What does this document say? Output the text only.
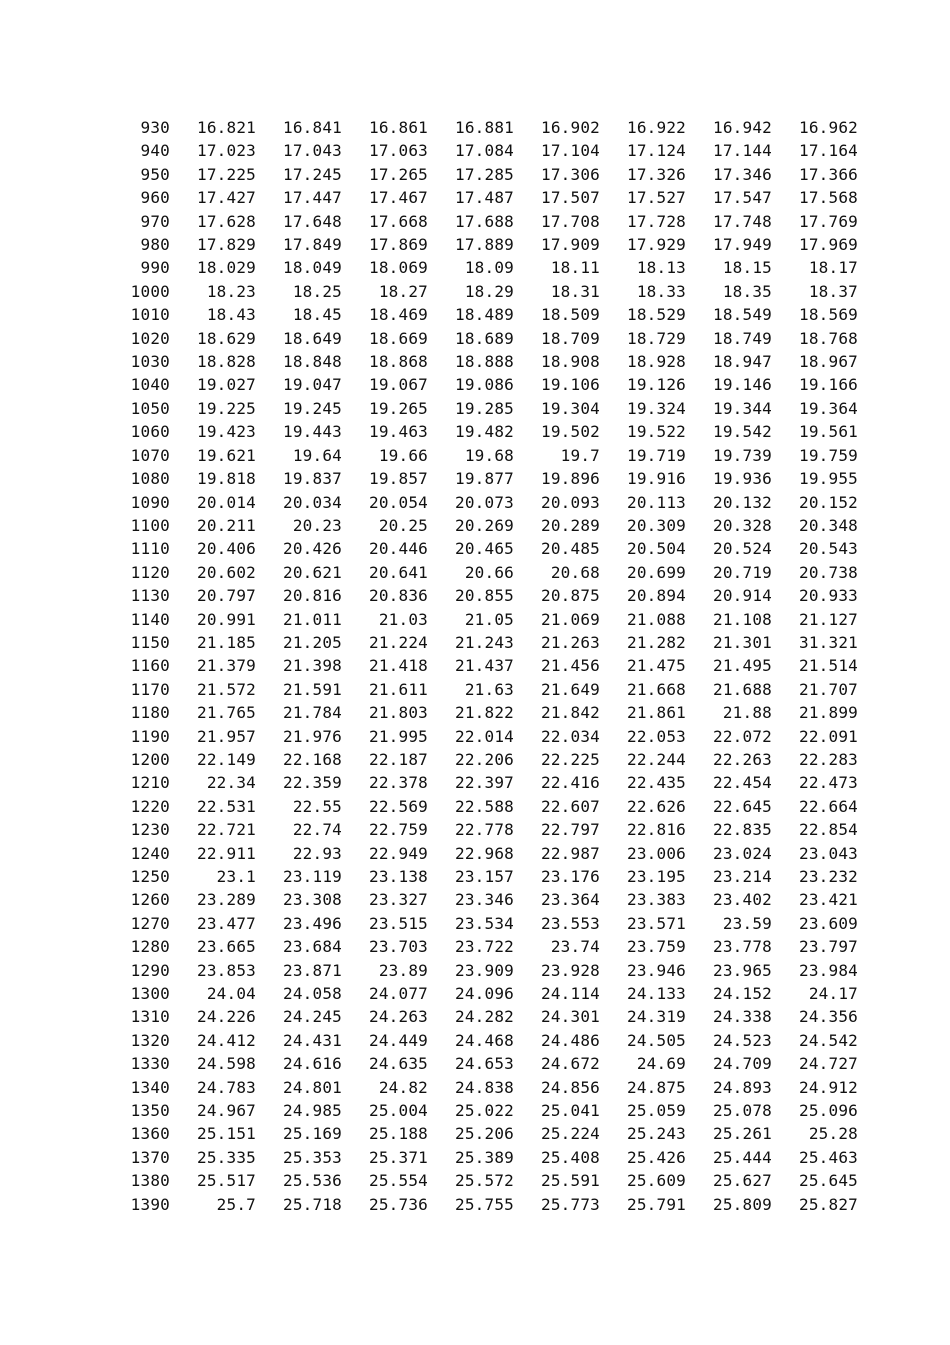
930	16.821	16.841	16.861	16.881	16.902	16.922	16.942	16.962
940	17.023	17.043	17.063	17.084	17.104	17.124	17.144	17.164
950	17.225	17.245	17.265	17.285	17.306	17.326	17.346	17.366
960	17.427	17.447	17.467	17.487	17.507	17.527	17.547	17.568
970	17.628	17.648	17.668	17.688	17.708	17.728	17.748	17.769
980	17.829	17.849	17.869	17.889	17.909	17.929	17.949	17.969
990	18.029	18.049	18.069	18.09	18.11	18.13	18.15	18.17
1000	18.23	18.25	18.27	18.29	18.31	18.33	18.35	18.37
1010	18.43	18.45	18.469	18.489	18.509	18.529	18.549	18.569
1020	18.629	18.649	18.669	18.689	18.709	18.729	18.749	18.768
1030	18.828	18.848	18.868	18.888	18.908	18.928	18.947	18.967
1040	19.027	19.047	19.067	19.086	19.106	19.126	19.146	19.166
1050	19.225	19.245	19.265	19.285	19.304	19.324	19.344	19.364
1060	19.423	19.443	19.463	19.482	19.502	19.522	19.542	19.561
1070	19.621	19.64	19.66	19.68	19.7	19.719	19.739	19.759
1080	19.818	19.837	19.857	19.877	19.896	19.916	19.936	19.955
1090	20.014	20.034	20.054	20.073	20.093	20.113	20.132	20.152
1100	20.211	20.23	20.25	20.269	20.289	20.309	20.328	20.348
1110	20.406	20.426	20.446	20.465	20.485	20.504	20.524	20.543
1120	20.602	20.621	20.641	20.66	20.68	20.699	20.719	20.738
1130	20.797	20.816	20.836	20.855	20.875	20.894	20.914	20.933
1140	20.991	21.011	21.03	21.05	21.069	21.088	21.108	21.127
1150	21.185	21.205	21.224	21.243	21.263	21.282	21.301	31.321
1160	21.379	21.398	21.418	21.437	21.456	21.475	21.495	21.514
1170	21.572	21.591	21.611	21.63	21.649	21.668	21.688	21.707
1180	21.765	21.784	21.803	21.822	21.842	21.861	21.88	21.899
1190	21.957	21.976	21.995	22.014	22.034	22.053	22.072	22.091
1200	22.149	22.168	22.187	22.206	22.225	22.244	22.263	22.283
1210	22.34	22.359	22.378	22.397	22.416	22.435	22.454	22.473
1220	22.531	22.55	22.569	22.588	22.607	22.626	22.645	22.664
1230	22.721	22.74	22.759	22.778	22.797	22.816	22.835	22.854
1240	22.911	22.93	22.949	22.968	22.987	23.006	23.024	23.043
1250	23.1	23.119	23.138	23.157	23.176	23.195	23.214	23.232
1260	23.289	23.308	23.327	23.346	23.364	23.383	23.402	23.421
1270	23.477	23.496	23.515	23.534	23.553	23.571	23.59	23.609
1280	23.665	23.684	23.703	23.722	23.74	23.759	23.778	23.797
1290	23.853	23.871	23.89	23.909	23.928	23.946	23.965	23.984
1300	24.04	24.058	24.077	24.096	24.114	24.133	24.152	24.17
1310	24.226	24.245	24.263	24.282	24.301	24.319	24.338	24.356
1320	24.412	24.431	24.449	24.468	24.486	24.505	24.523	24.542
1330	24.598	24.616	24.635	24.653	24.672	24.69	24.709	24.727
1340	24.783	24.801	24.82	24.838	24.856	24.875	24.893	24.912
1350	24.967	24.985	25.004	25.022	25.041	25.059	25.078	25.096
1360	25.151	25.169	25.188	25.206	25.224	25.243	25.261	25.28
1370	25.335	25.353	25.371	25.389	25.408	25.426	25.444	25.463
1380	25.517	25.536	25.554	25.572	25.591	25.609	25.627	25.645
1390	25.7	25.718	25.736	25.755	25.773	25.791	25.809	25.827
